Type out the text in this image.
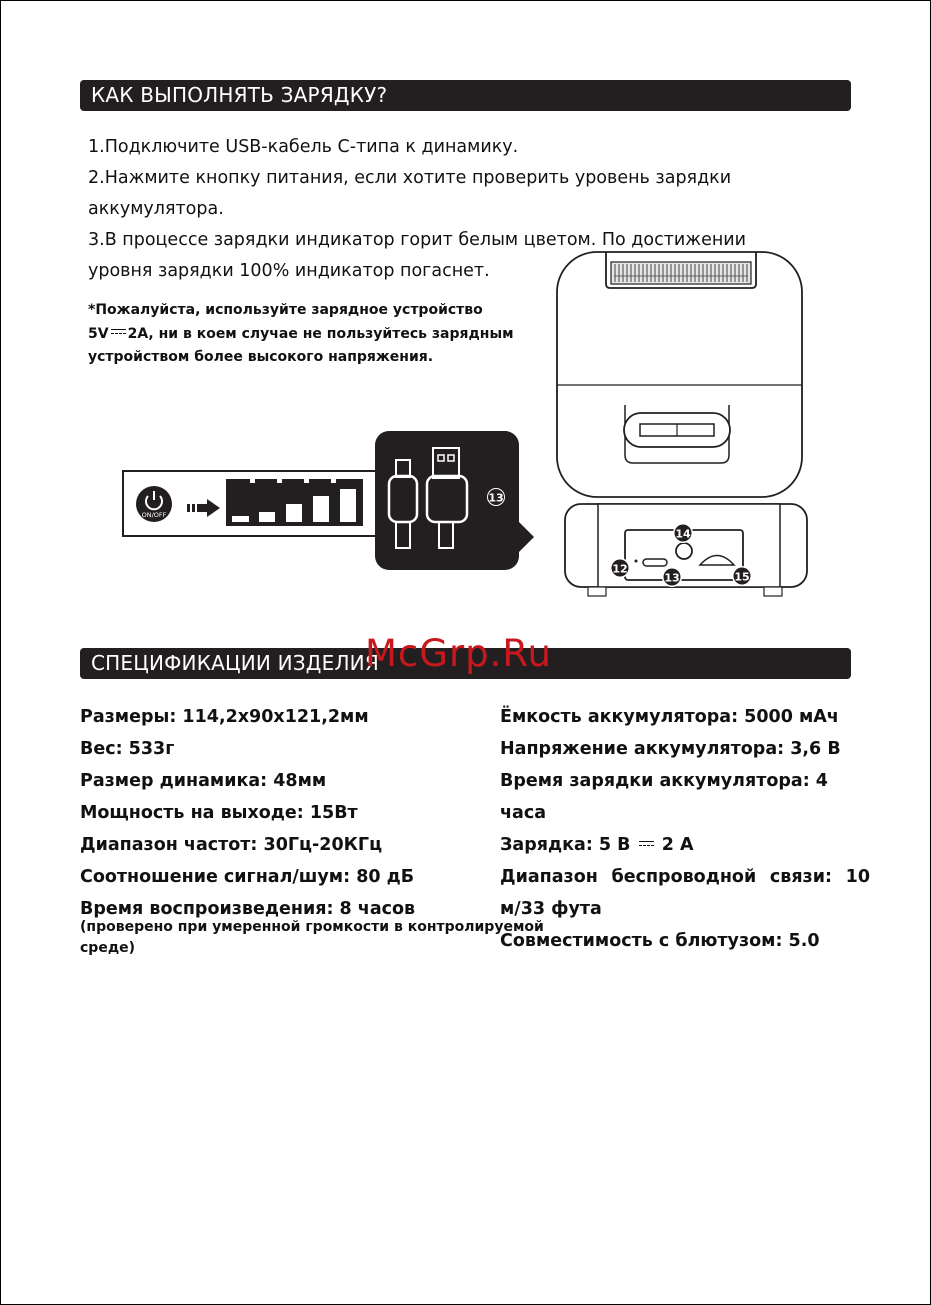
КАК ВЫПОЛНЯТЬ ЗАРЯДКУ?

1.Подключите USB-кабель C-типа к динамику.

2.Нажмите кнопку питания, если хотите проверить уровень зарядки

аккумулятора.

3.В процессе зарядки индикатор горит белым цветом. По достижении

уровня зарядки 100% индикатор погаснет.

*Пожалуйста, используйте зарядное устройство

5V 2A, ни в коем случае не пользуйтесь зарядным

устройством более высокого напряжения.

ON/OFF
13
14
12
13	15
СПЕЦИФИКАЦИИ ИЗДЕЛИЯ
McGrp.Ru

Размеры: 114,2x90x121,2мм

Вес: 533г

Размер динамика: 48мм

Мощность на выходе: 15Вт

Диапазон частот: 30Гц-20КГц

Соотношение сигнал/шум: 80 дБ

Время воспроизведения: 8 часов

(проверено при умеренной громкости в контролируемой
среде)

Ёмкость аккумулятора: 5000 мАч

Напряжение аккумулятора: 3,6 В

Время зарядки аккумулятора: 4 часа

Зарядка: 5 В 2 А

Диапазон беспроводной связи: 10

м/33 фута

Совместимость с блютузом: 5.0
